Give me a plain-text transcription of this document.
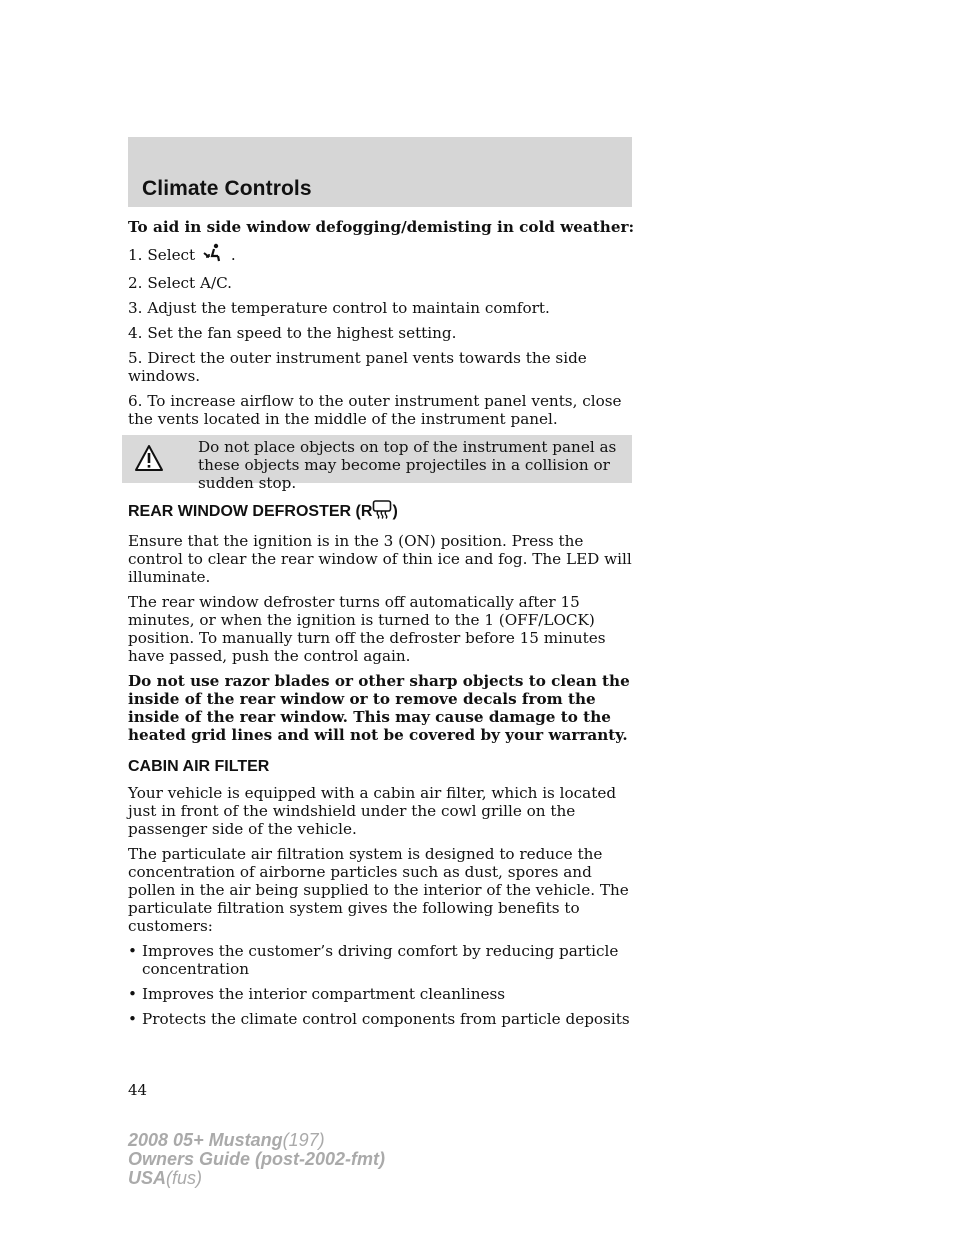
Climate Controls

To aid in side window defogging/demisting in cold weather:

1. Select .

2. Select A/C.

3. Adjust the temperature control to maintain comfort.

4. Set the fan speed to the highest setting.

5. Direct the outer instrument panel vents towards the side windows.

6. To increase airflow to the outer instrument panel vents, close the vents located in the middle of the instrument panel.

Do not place objects on top of the instrument panel as these objects may become projectiles in a collision or sudden stop.
REAR WINDOW DEFROSTER (R )

Ensure that the ignition is in the 3 (ON) position. Press the control to clear the rear window of thin ice and fog. The LED will illuminate.

The rear window defroster turns off automatically after 15 minutes, or when the ignition is turned to the 1 (OFF/LOCK) position. To manually turn off the defroster before 15 minutes have passed, push the control again.

Do not use razor blades or other sharp objects to clean the inside of the rear window or to remove decals from the inside of the rear window. This may cause damage to the heated grid lines and will not be covered by your warranty.

CABIN AIR FILTER

Your vehicle is equipped with a cabin air filter, which is located just in front of the windshield under the cowl grille on the passenger side of the vehicle.

The particulate air filtration system is designed to reduce the concentration of airborne particles such as dust, spores and pollen in the air being supplied to the interior of the vehicle. The particulate filtration system gives the following benefits to customers:

• Improves the customer’s driving comfort by reducing particle concentration

• Improves the interior compartment cleanliness

• Protects the climate control components from particle deposits

44
2008 05+ Mustang(197)
Owners Guide (post-2002-fmt)
USA(fus)
